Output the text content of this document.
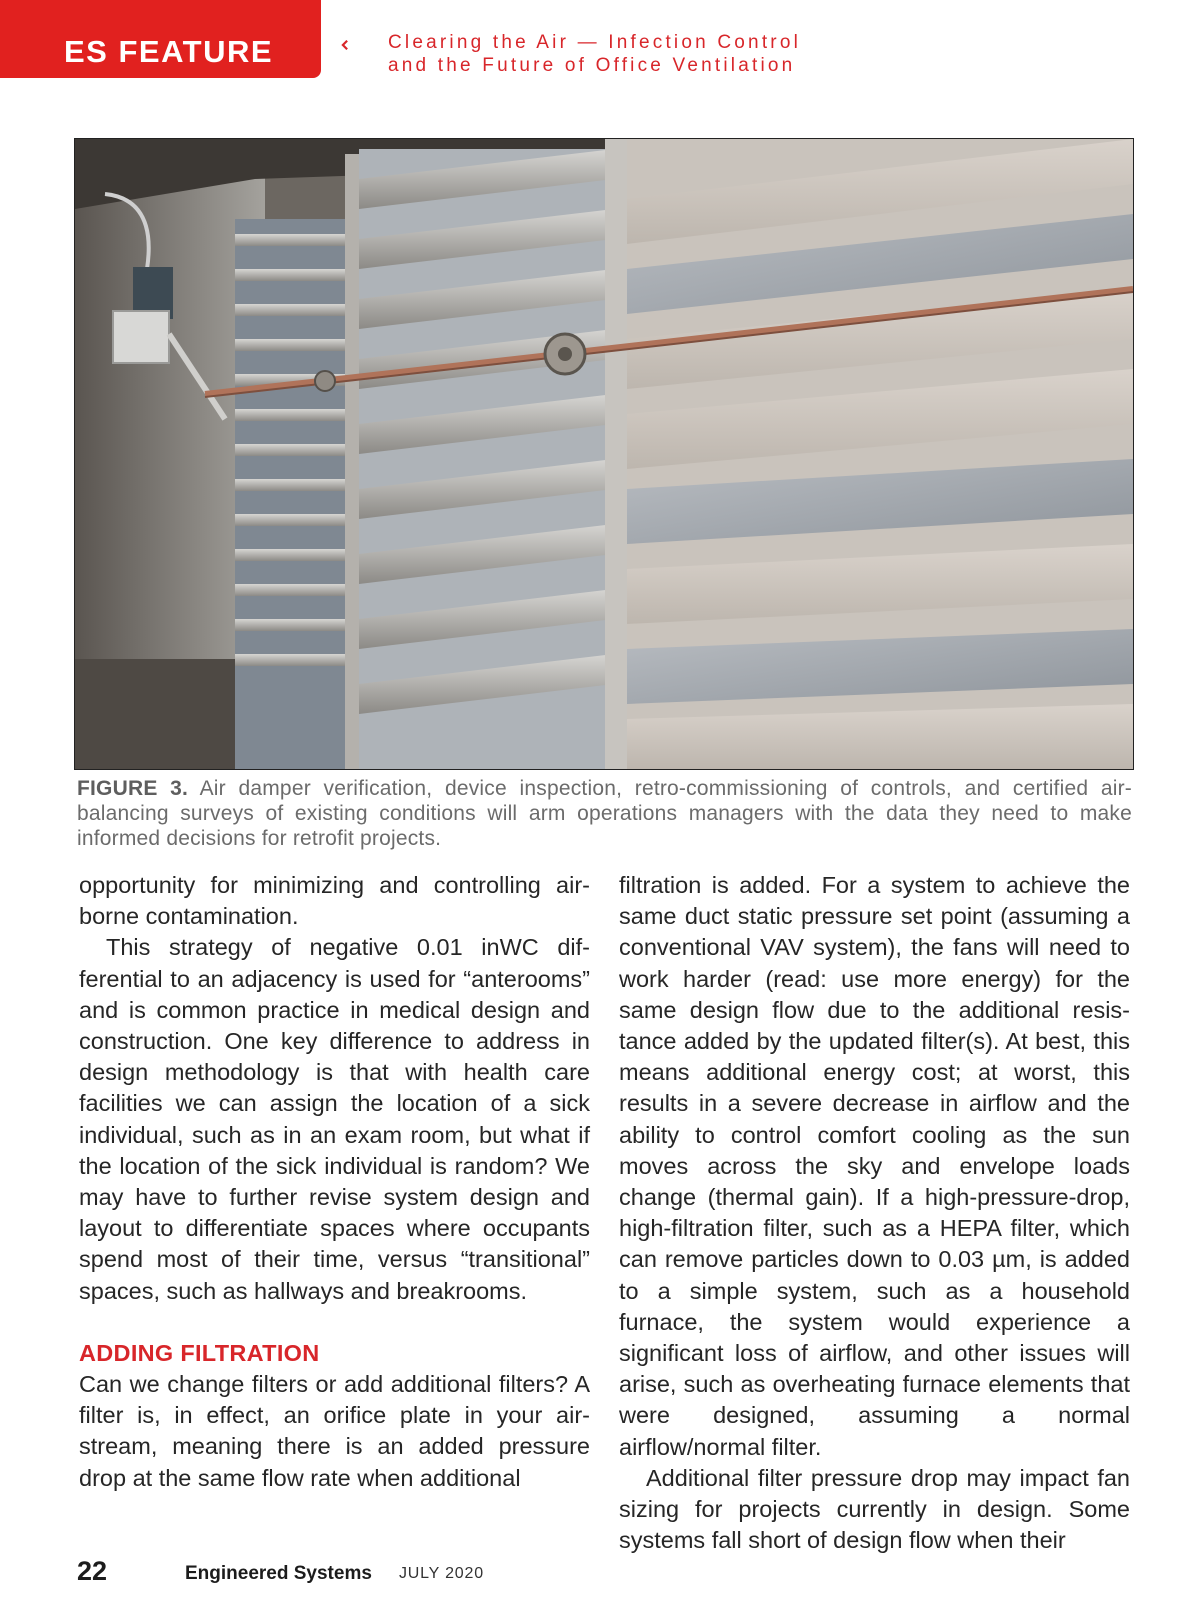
ES FEATURE	Clearing the Air — Infection Control
and the Future of Office Ventilation
FIGURE 3. Air damper verification, device inspection, retro-commissioning of controls, and certified air-balancing surveys of existing conditions will arm operations managers with the data they need to make informed decisions for retrofit projects.

opportunity for minimizing and controlling airborne contamination.

This strategy of negative 0.01 inWC differential to an adjacency is used for “anterooms” and is common practice in medical design and construction. One key difference to address in design methodology is that with health care facilities we can assign the location of a sick individual, such as in an exam room, but what if the location of the sick individual is random? We may have to further revise system design and layout to differentiate spaces where occupants spend most of their time, versus “transitional” spaces, such as hallways and breakrooms.

ADDING FILTRATION

Can we change filters or add additional filters? A filter is, in effect, an orifice plate in your airstream, meaning there is an added pressure drop at the same flow rate when additional

filtration is added. For a system to achieve the same duct static pressure set point (assuming a conventional VAV system), the fans will need to work harder (read: use more energy) for the same design flow due to the additional resistance added by the updated filter(s). At best, this means additional energy cost; at worst, this results in a severe decrease in airflow and the ability to control comfort cooling as the sun moves across the sky and envelope loads change (thermal gain). If a high-pressure-drop, high-filtration filter, such as a HEPA filter, which can remove particles down to 0.03 µm, is added to a simple system, such as a household furnace, the system would experience a significant loss of airflow, and other issues will arise, such as overheating furnace elements that were designed, assuming a normal airflow/normal filter.

Additional filter pressure drop may impact fan sizing for projects currently in design. Some systems fall short of design flow when their

22	Engineered Systems JULY 2020
